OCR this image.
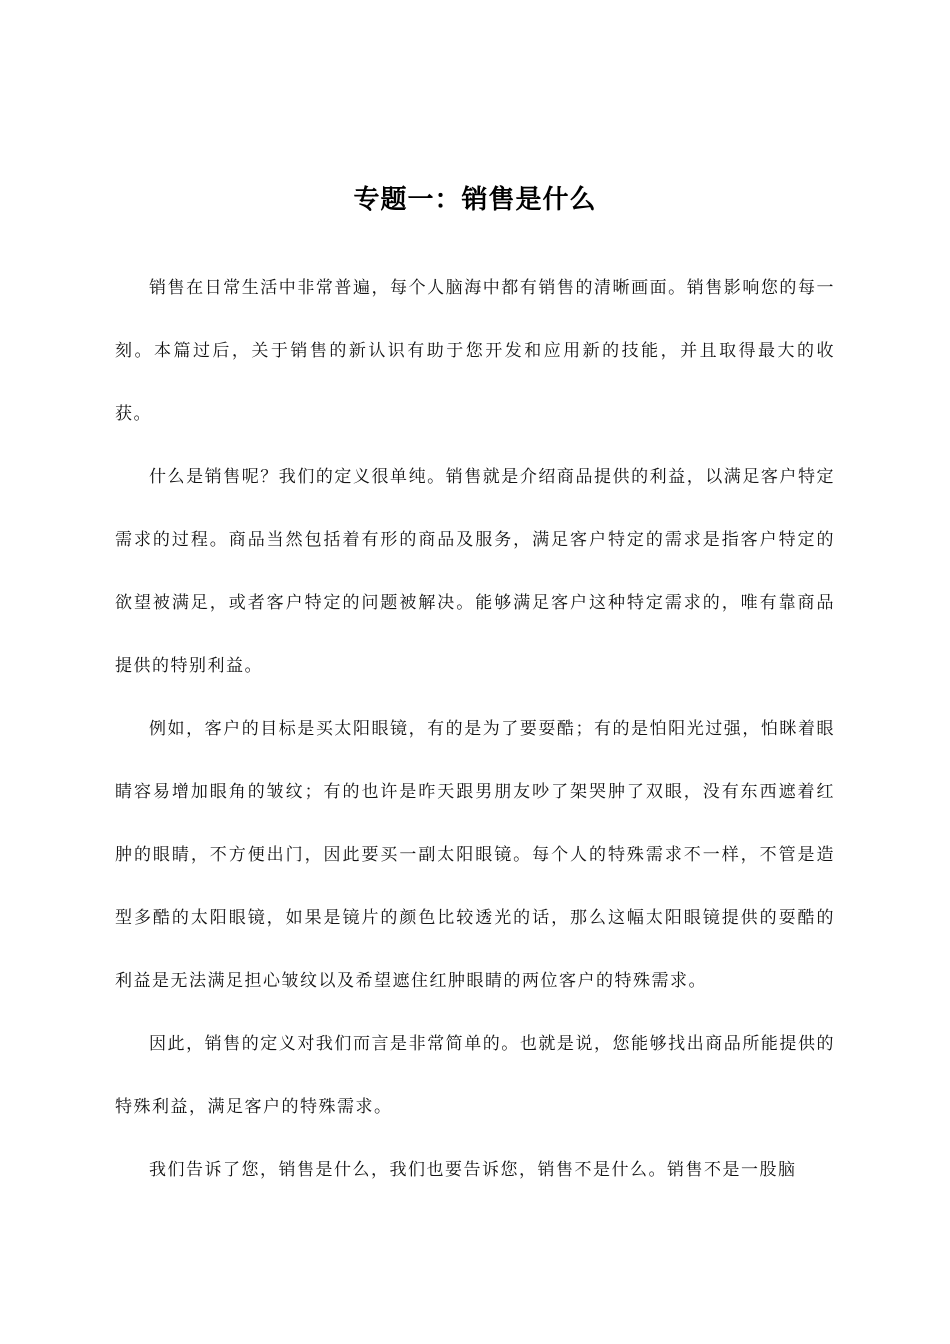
专题一：销售是什么

销售在日常生活中非常普遍，每个人脑海中都有销售的清晰画面。销售影响您的每一刻。本篇过后，关于销售的新认识有助于您开发和应用新的技能，并且取得最大的收获。

什么是销售呢？我们的定义很单纯。销售就是介绍商品提供的利益，以满足客户特定需求的过程。商品当然包括着有形的商品及服务，满足客户特定的需求是指客户特定的欲望被满足，或者客户特定的问题被解决。能够满足客户这种特定需求的，唯有靠商品提供的特别利益。

例如，客户的目标是买太阳眼镜，有的是为了要耍酷；有的是怕阳光过强，怕眯着眼睛容易增加眼角的皱纹；有的也许是昨天跟男朋友吵了架哭肿了双眼，没有东西遮着红肿的眼睛，不方便出门，因此要买一副太阳眼镜。每个人的特殊需求不一样，不管是造型多酷的太阳眼镜，如果是镜片的颜色比较透光的话，那么这幅太阳眼镜提供的耍酷的利益是无法满足担心皱纹以及希望遮住红肿眼睛的两位客户的特殊需求。

因此，销售的定义对我们而言是非常简单的。也就是说，您能够找出商品所能提供的特殊利益，满足客户的特殊需求。

我们告诉了您，销售是什么，我们也要告诉您，销售不是什么。销售不是一股脑
